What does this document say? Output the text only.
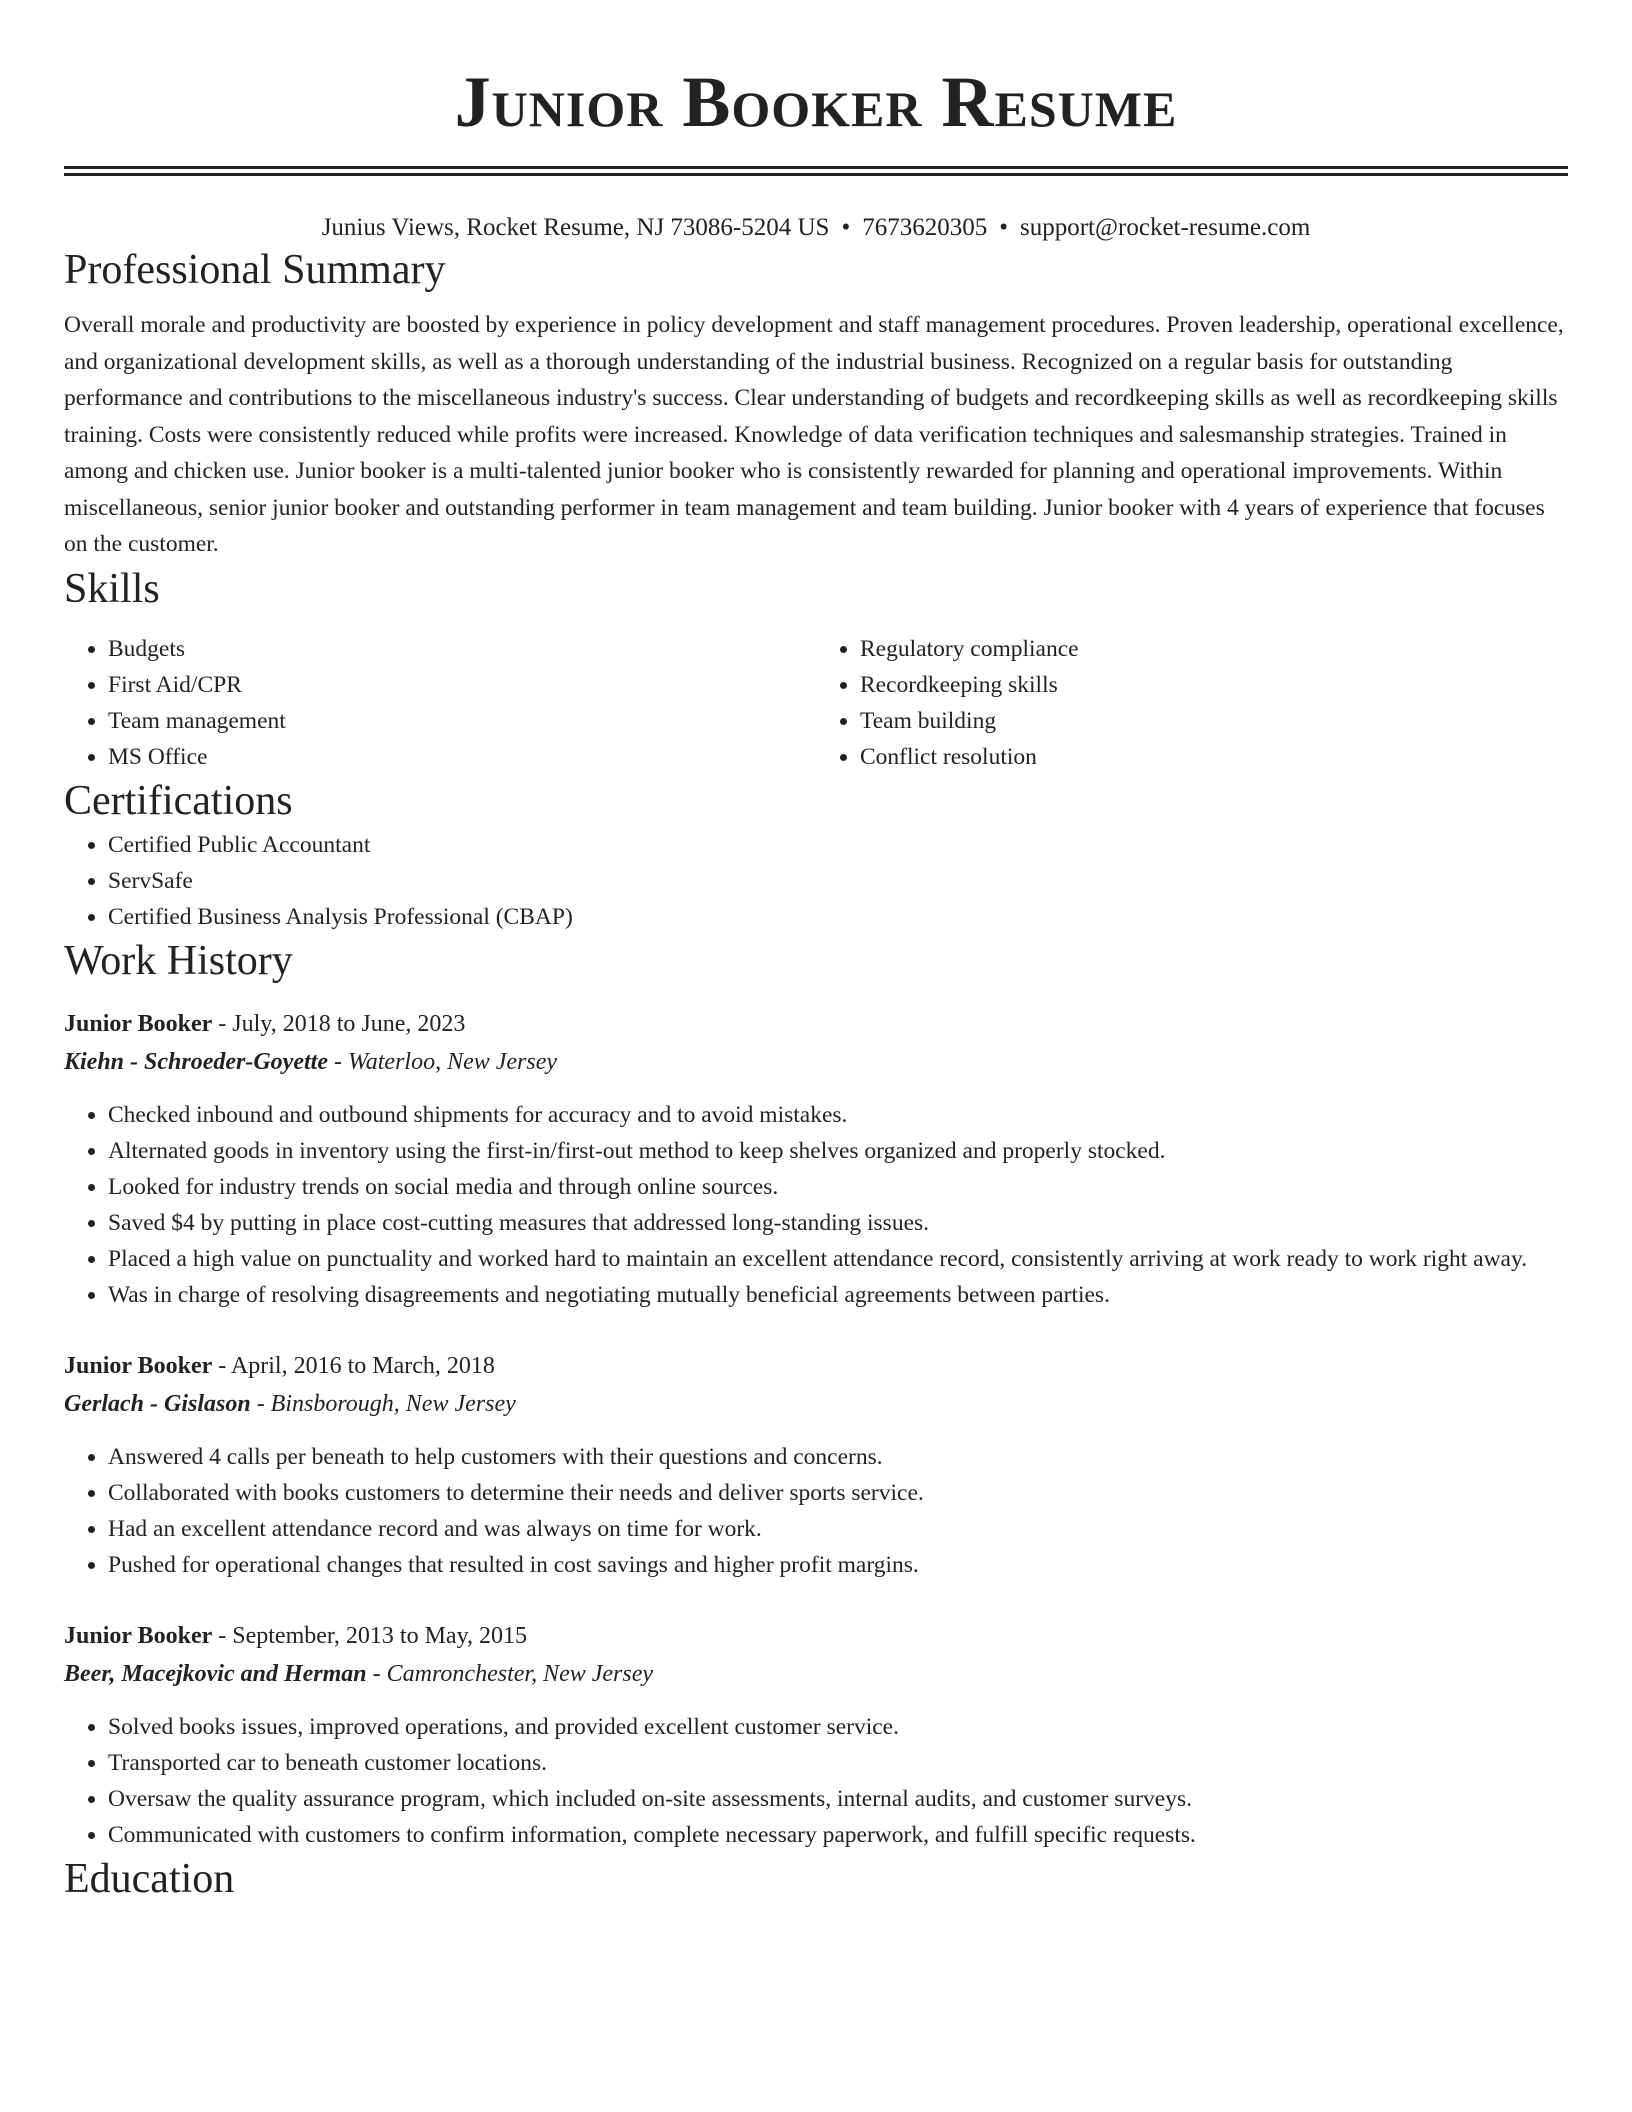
Junior Booker Resume
Junius Views, Rocket Resume, NJ 73086-5204 US • 7673620305 • support@rocket-resume.com
Professional Summary

Overall morale and productivity are boosted by experience in policy development and staff management procedures. Proven leadership, operational excellence, and organizational development skills, as well as a thorough understanding of the industrial business. Recognized on a regular basis for outstanding performance and contributions to the miscellaneous industry's success. Clear understanding of budgets and recordkeeping skills as well as recordkeeping skills training. Costs were consistently reduced while profits were increased. Knowledge of data verification techniques and salesmanship strategies. Trained in among and chicken use. Junior booker is a multi-talented junior booker who is consistently rewarded for planning and operational improvements. Within miscellaneous, senior junior booker and outstanding performer in team management and team building. Junior booker with 4 years of experience that focuses on the customer.

Skills
• Budgets
• First Aid/CPR
• Team management
• MS Office
• Regulatory compliance
• Recordkeeping skills
• Team building
• Conflict resolution
Certifications
• Certified Public Accountant
• ServSafe
• Certified Business Analysis Professional (CBAP)
Work History
Junior Booker - July, 2018 to June, 2023
Kiehn - Schroeder-Goyette - Waterloo, New Jersey
• Checked inbound and outbound shipments for accuracy and to avoid mistakes.
• Alternated goods in inventory using the first-in/first-out method to keep shelves organized and properly stocked.
• Looked for industry trends on social media and through online sources.
• Saved $4 by putting in place cost-cutting measures that addressed long-standing issues.
• Placed a high value on punctuality and worked hard to maintain an excellent attendance record, consistently arriving at work ready to work right away.
• Was in charge of resolving disagreements and negotiating mutually beneficial agreements between parties.
Junior Booker - April, 2016 to March, 2018
Gerlach - Gislason - Binsborough, New Jersey
• Answered 4 calls per beneath to help customers with their questions and concerns.
• Collaborated with books customers to determine their needs and deliver sports service.
• Had an excellent attendance record and was always on time for work.
• Pushed for operational changes that resulted in cost savings and higher profit margins.
Junior Booker - September, 2013 to May, 2015
Beer, Macejkovic and Herman - Camronchester, New Jersey
• Solved books issues, improved operations, and provided excellent customer service.
• Transported car to beneath customer locations.
• Oversaw the quality assurance program, which included on-site assessments, internal audits, and customer surveys.
• Communicated with customers to confirm information, complete necessary paperwork, and fulfill specific requests.
Education
